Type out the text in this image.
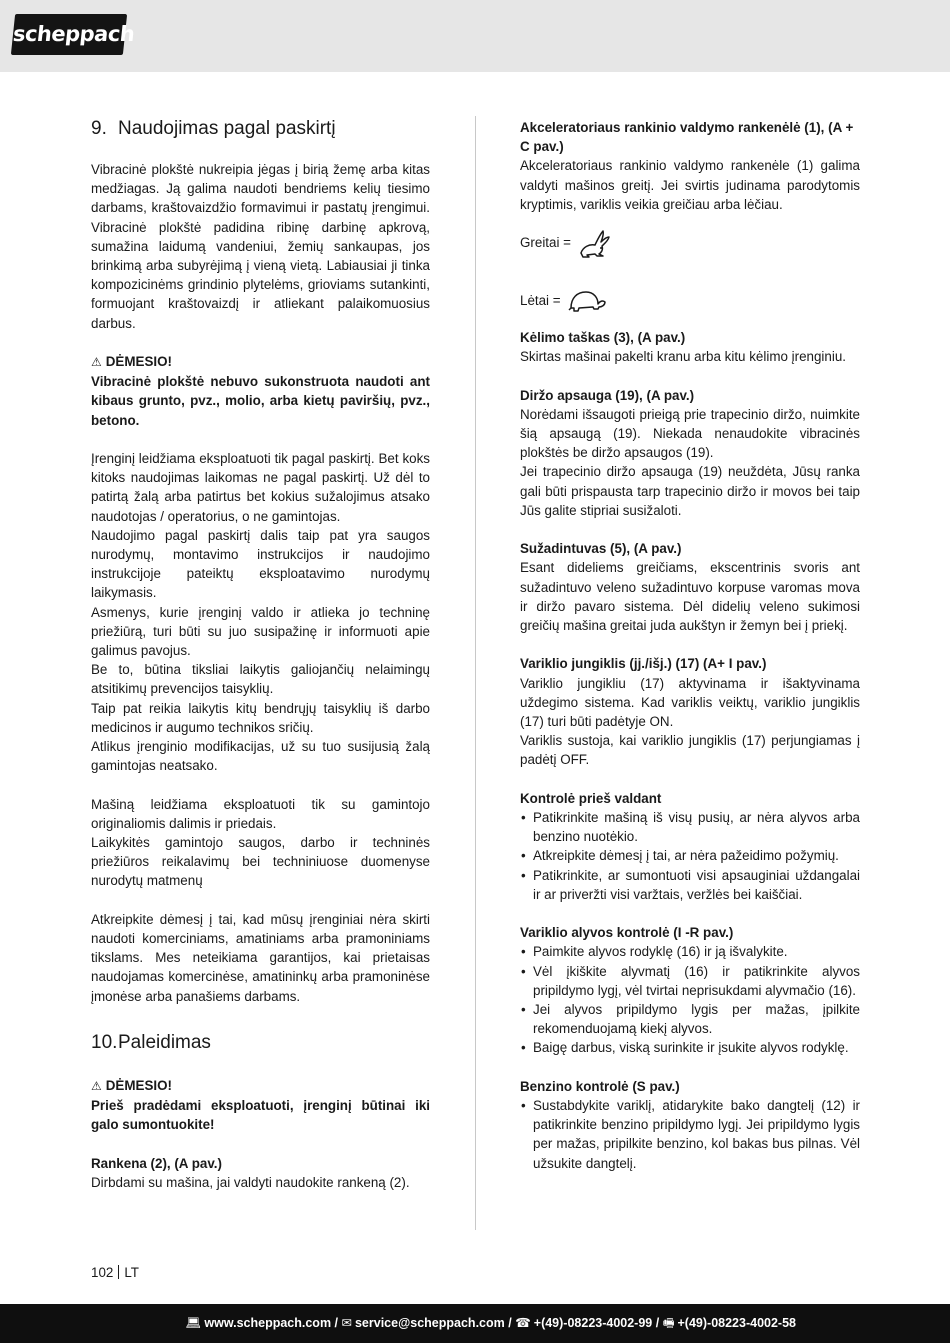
scheppach
9. Naudojimas pagal paskirtį

Vibracinė plokštė nukreipia jėgas į birią žemę arba kitas medžiagas. Ją galima naudoti bendriems kelių tiesimo darbams, kraštovaizdžio formavimui ir pastatų įrengimui. Vibracinė plokštė padidina ribinę darbinę apkrovą, sumažina laidumą vandeniui, žemių sankaupas, jos brinkimą arba subyrėjimą į vieną vietą. Labiausiai ji tinka kompozicinėms grindinio plytelėms, grioviams sutankinti, formuojant kraštovaizdį ir atliekant palaikomuosius darbus.

⚠ DĖMESIO!

Vibracinė plokštė nebuvo sukonstruota naudoti ant kibaus grunto, pvz., molio, arba kietų paviršių, pvz., betono.

Įrenginį leidžiama eksploatuoti tik pagal paskirtį. Bet koks kitoks naudojimas laikomas ne pagal paskirtį. Už dėl to patirtą žalą arba patirtus bet kokius sužalojimus atsako naudotojas / operatorius, o ne gamintojas.

Naudojimo pagal paskirtį dalis taip pat yra saugos nurodymų, montavimo instrukcijos ir naudojimo instrukcijoje pateiktų eksploatavimo nurodymų laikymasis.

Asmenys, kurie įrenginį valdo ir atlieka jo techninę priežiūrą, turi būti su juo susipažinę ir informuoti apie galimus pavojus.

Be to, būtina tiksliai laikytis galiojančių nelaimingų atsitikimų prevencijos taisyklių.

Taip pat reikia laikytis kitų bendrųjų taisyklių iš darbo medicinos ir augumo technikos sričių.

Atlikus įrenginio modifikacijas, už su tuo susijusią žalą gamintojas neatsako.

Mašiną leidžiama eksploatuoti tik su gamintojo originaliomis dalimis ir priedais.

Laikykitės gamintojo saugos, darbo ir techninės priežiūros reikalavimų bei techniniuose duomenyse nurodytų matmenų

Atkreipkite dėmesį į tai, kad mūsų įrenginiai nėra skirti naudoti komerciniams, amatiniams arba pramoniniams tikslams. Mes neteikiama garantijos, kai prietaisas naudojamas komercinėse, amatininkų arba pramoninėse įmonėse arba panašiems darbams.

10. Paleidimas
⚠ DĖMESIO!

Prieš pradėdami eksploatuoti, įrenginį būtinai iki galo sumontuokite!

Rankena (2), (A pav.)

Dirbdami su mašina, jai valdyti naudokite rankeną (2).

Akceleratoriaus rankinio valdymo rankenėlė (1), (A + C pav.)

Akceleratoriaus rankinio valdymo rankenėle (1) galima valdyti mašinos greitį. Jei svirtis judinama parodytomis kryptimis, variklis veikia greičiau arba lėčiau.

Greitai =
Lėtai =

Kėlimo taškas (3), (A pav.)

Skirtas mašinai pakelti kranu arba kitu kėlimo įrenginiu.

Diržo apsauga (19), (A pav.)

Norėdami išsaugoti prieigą prie trapecinio diržo, nuimkite šią apsaugą (19). Niekada nenaudokite vibracinės plokštės be diržo apsaugos (19).

Jei trapecinio diržo apsauga (19) neuždėta, Jūsų ranka gali būti prispausta tarp trapecinio diržo ir movos bei taip Jūs galite stipriai susižaloti.

Sužadintuvas (5), (A pav.)

Esant dideliems greičiams, ekscentrinis svoris ant sužadintuvo veleno sužadintuvo korpuse varomas mova ir diržo pavaro sistema. Dėl didelių veleno sukimosi greičių mašina greitai juda aukštyn ir žemyn bei į priekį.

Variklio jungiklis (jj./išj.) (17) (A+ I pav.)

Variklio jungikliu (17) aktyvinama ir išaktyvinama uždegimo sistema. Kad variklis veiktų, variklio jungiklis (17) turi būti padėtyje ON.

Variklis sustoja, kai variklio jungiklis (17) perjungiamas į padėtį OFF.

Kontrolė prieš valdant

• Patikrinkite mašiną iš visų pusių, ar nėra alyvos arba benzino nuotėkio.
• Atkreipkite dėmesį į tai, ar nėra pažeidimo požymių.
• Patikrinkite, ar sumontuoti visi apsauginiai uždangalai ir ar priveržti visi varžtais, veržlės bei kaiščiai.

Variklio alyvos kontrolė (I -R pav.)

• Paimkite alyvos rodyklę (16) ir ją išvalykite.
• Vėl įkiškite alyvmatį (16) ir patikrinkite alyvos pripildymo lygį, vėl tvirtai neprisukdami alyvmačio (16).
• Jei alyvos pripildymo lygis per mažas, įpilkite rekomenduojamą kiekį alyvos.
• Baigę darbus, viską surinkite ir įsukite alyvos rodyklę.

Benzino kontrolė (S pav.)

• Sustabdykite variklį, atidarykite bako dangtelį (12) ir patikrinkite benzino pripildymo lygį. Jei pripildymo lygis per mažas, pripilkite benzino, kol bakas bus pilnas. Vėl užsukite dangtelį.
102 LT
💻︎ www.scheppach.com / ✉ service@scheppach.com / ☎ +(49)-08223-4002-99 / 🖷︎ +(49)-08223-4002-58
